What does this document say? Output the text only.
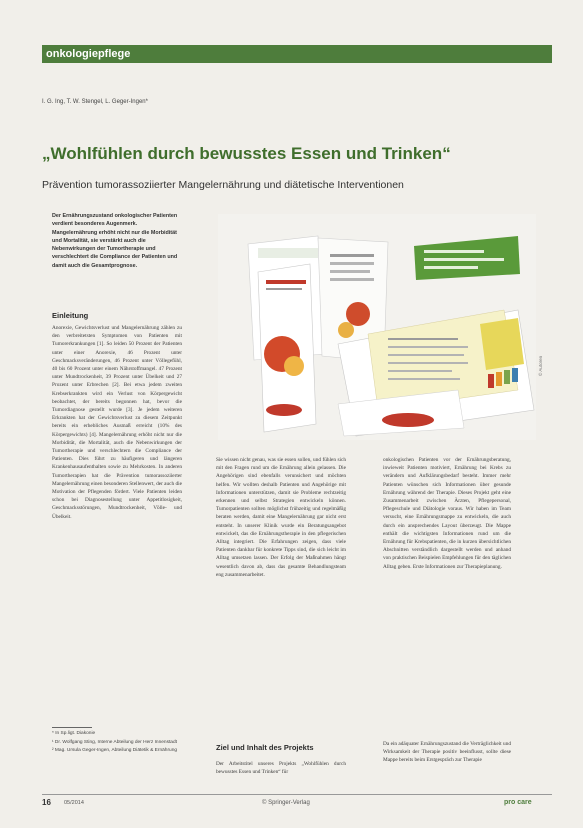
onkologiepflege
I. G. Ing, T. W. Stengel, L. Geger-Ingen*
„Wohlfühlen durch bewusstes Essen und Trinken“
Prävention tumorassoziierter Mangelernährung und diätetische Interventionen
Der Ernährungszustand onkologischer Patienten verdient besonderes Augenmerk. Mangelernährung erhöht nicht nur die Morbidität und Mortalität, sie verstärkt auch die Nebenwirkungen der Tumortherapie und verschlechtert die Compliance der Patienten und damit auch die Gesamtprognose.
Einleitung
Anorexie, Gewichtsverlust und Mangelernährung zählen zu den verbreitetsten Symptomen von Patienten mit Tumorerkrankungen [1]. So leiden 50 Prozent der Patienten unter einer Anorexie, 46 Prozent unter Geschmacksveränderungen, 46 Prozent unter Völlegefühl, 40 bis 60 Prozent unter einem Nährstoffmangel. 47 Prozent unter Mundtrockenheit, 39 Prozent unter Übelkeit und 27 Prozent unter Erbrechen [2]. Bei etwa jedem zweiten Krebserkrankten wird ein Verlust von Körpergewicht beobachtet, der bereits begonnen hat, bevor die Tumordiagnose gestellt wurde [3]. Je jedem weiteren Erkrankten hat der Gewichtsverlust zu diesem Zeitpunkt bereits ein erhebliches Ausmaß erreicht (10% des Körpergewichts) [4]. Mangelernährung erhöht nicht nur die Morbidität, die Mortalität, auch die Nebenwirkungen der Tumortherapie und verschlechtern die Compliance der Patienten. Dies führt zu häufigeren und längeren Krankenhausaufenthalten sowie zu Mehrkosten. In anderen Tumortherapien hat die Prävention tumorassoziierter Mangelernährung einen besonderen Stellenwert, der auch die Motivation der Pflegenden fördert. Viele Patienten leiden schon bei Diagnosestellung unter Appetitlosigkeit, Geschmacksstörungen, Mundtrockenheit, Völle- und Übelkeit.
© Autoren
Sie wissen nicht genau, was sie essen sollen, und fühlen sich mit den Fragen rund um die Ernährung allein gelassen. Die Angehörigen sind ebenfalls verunsichert und möchten helfen. Wir wollten deshalb Patienten und Angehörige mit Informationen unterstützen, damit sie Probleme rechtzeitig erkennen und selbst Strategien entwickeln können. Tumorpatienten sollten möglichst frühzeitig und regelmäßig beraten werden, damit eine Mangelernährung gar nicht erst entsteht. In unserer Klinik wurde ein Beratungsangebot entwickelt, das die Ernährungstherapie in den pflegerischen Alltag integriert. Die Erfahrungen zeigen, dass viele Patienten dankbar für konkrete Tipps sind, die sich leicht im Alltag umsetzen lassen. Der Erfolg der Maßnahmen hängt wesentlich davon ab, dass das gesamte Behandlungsteam eng zusammenarbeitet.
onkologischen Patienten vor der Ernährungsberatung, inwieweit Patienten motiviert, Ernährung bei Krebs zu verändern und Aufklärungsbedarf besteht. Immer mehr Patienten wünschen sich Informationen über gesunde Ernährung während der Therapie. Dieses Projekt geht eine Zusammenarbeit zwischen Ärzten, Pflegepersonal, Pflegeschule und Diätologie voraus. Wir haben im Team versucht, eine Ernährungsmappe zu entwickeln, die auch durch ein ansprechendes Layout überzeugt. Die Mappe enthält die wichtigsten Informationen rund um die Ernährung für Krebspatienten, die in kurzen übersichtlichen Abschnitten verständlich dargestellt werden und anhand von praktischen Beispielen Empfehlungen für den täglichen Alltag geben. Erste Informationen zur Therapieplanung.
* In Sp.ligt. Diakonie
¹ Dr. Wolfgang Sting, Interne Abteilung der Herz Innenstadt
² Mag. Ursula Geger-Ingen, Abteilung Diätetik & Ernährung	Ziel und Inhalt des Projekts
Der Arbeitstitel unseres Projekts „Wohlfühlen durch bewusstes Essen und Trinken“ für
Da ein adäquater Ernährungszustand die Verträglichkeit und Wirksamkeit der Therapie positiv beeinflusst, sollte diese Mappe bereits beim Erstgespräch zur Therapie
16 05/2014	© Springer-Verlag	pro care
